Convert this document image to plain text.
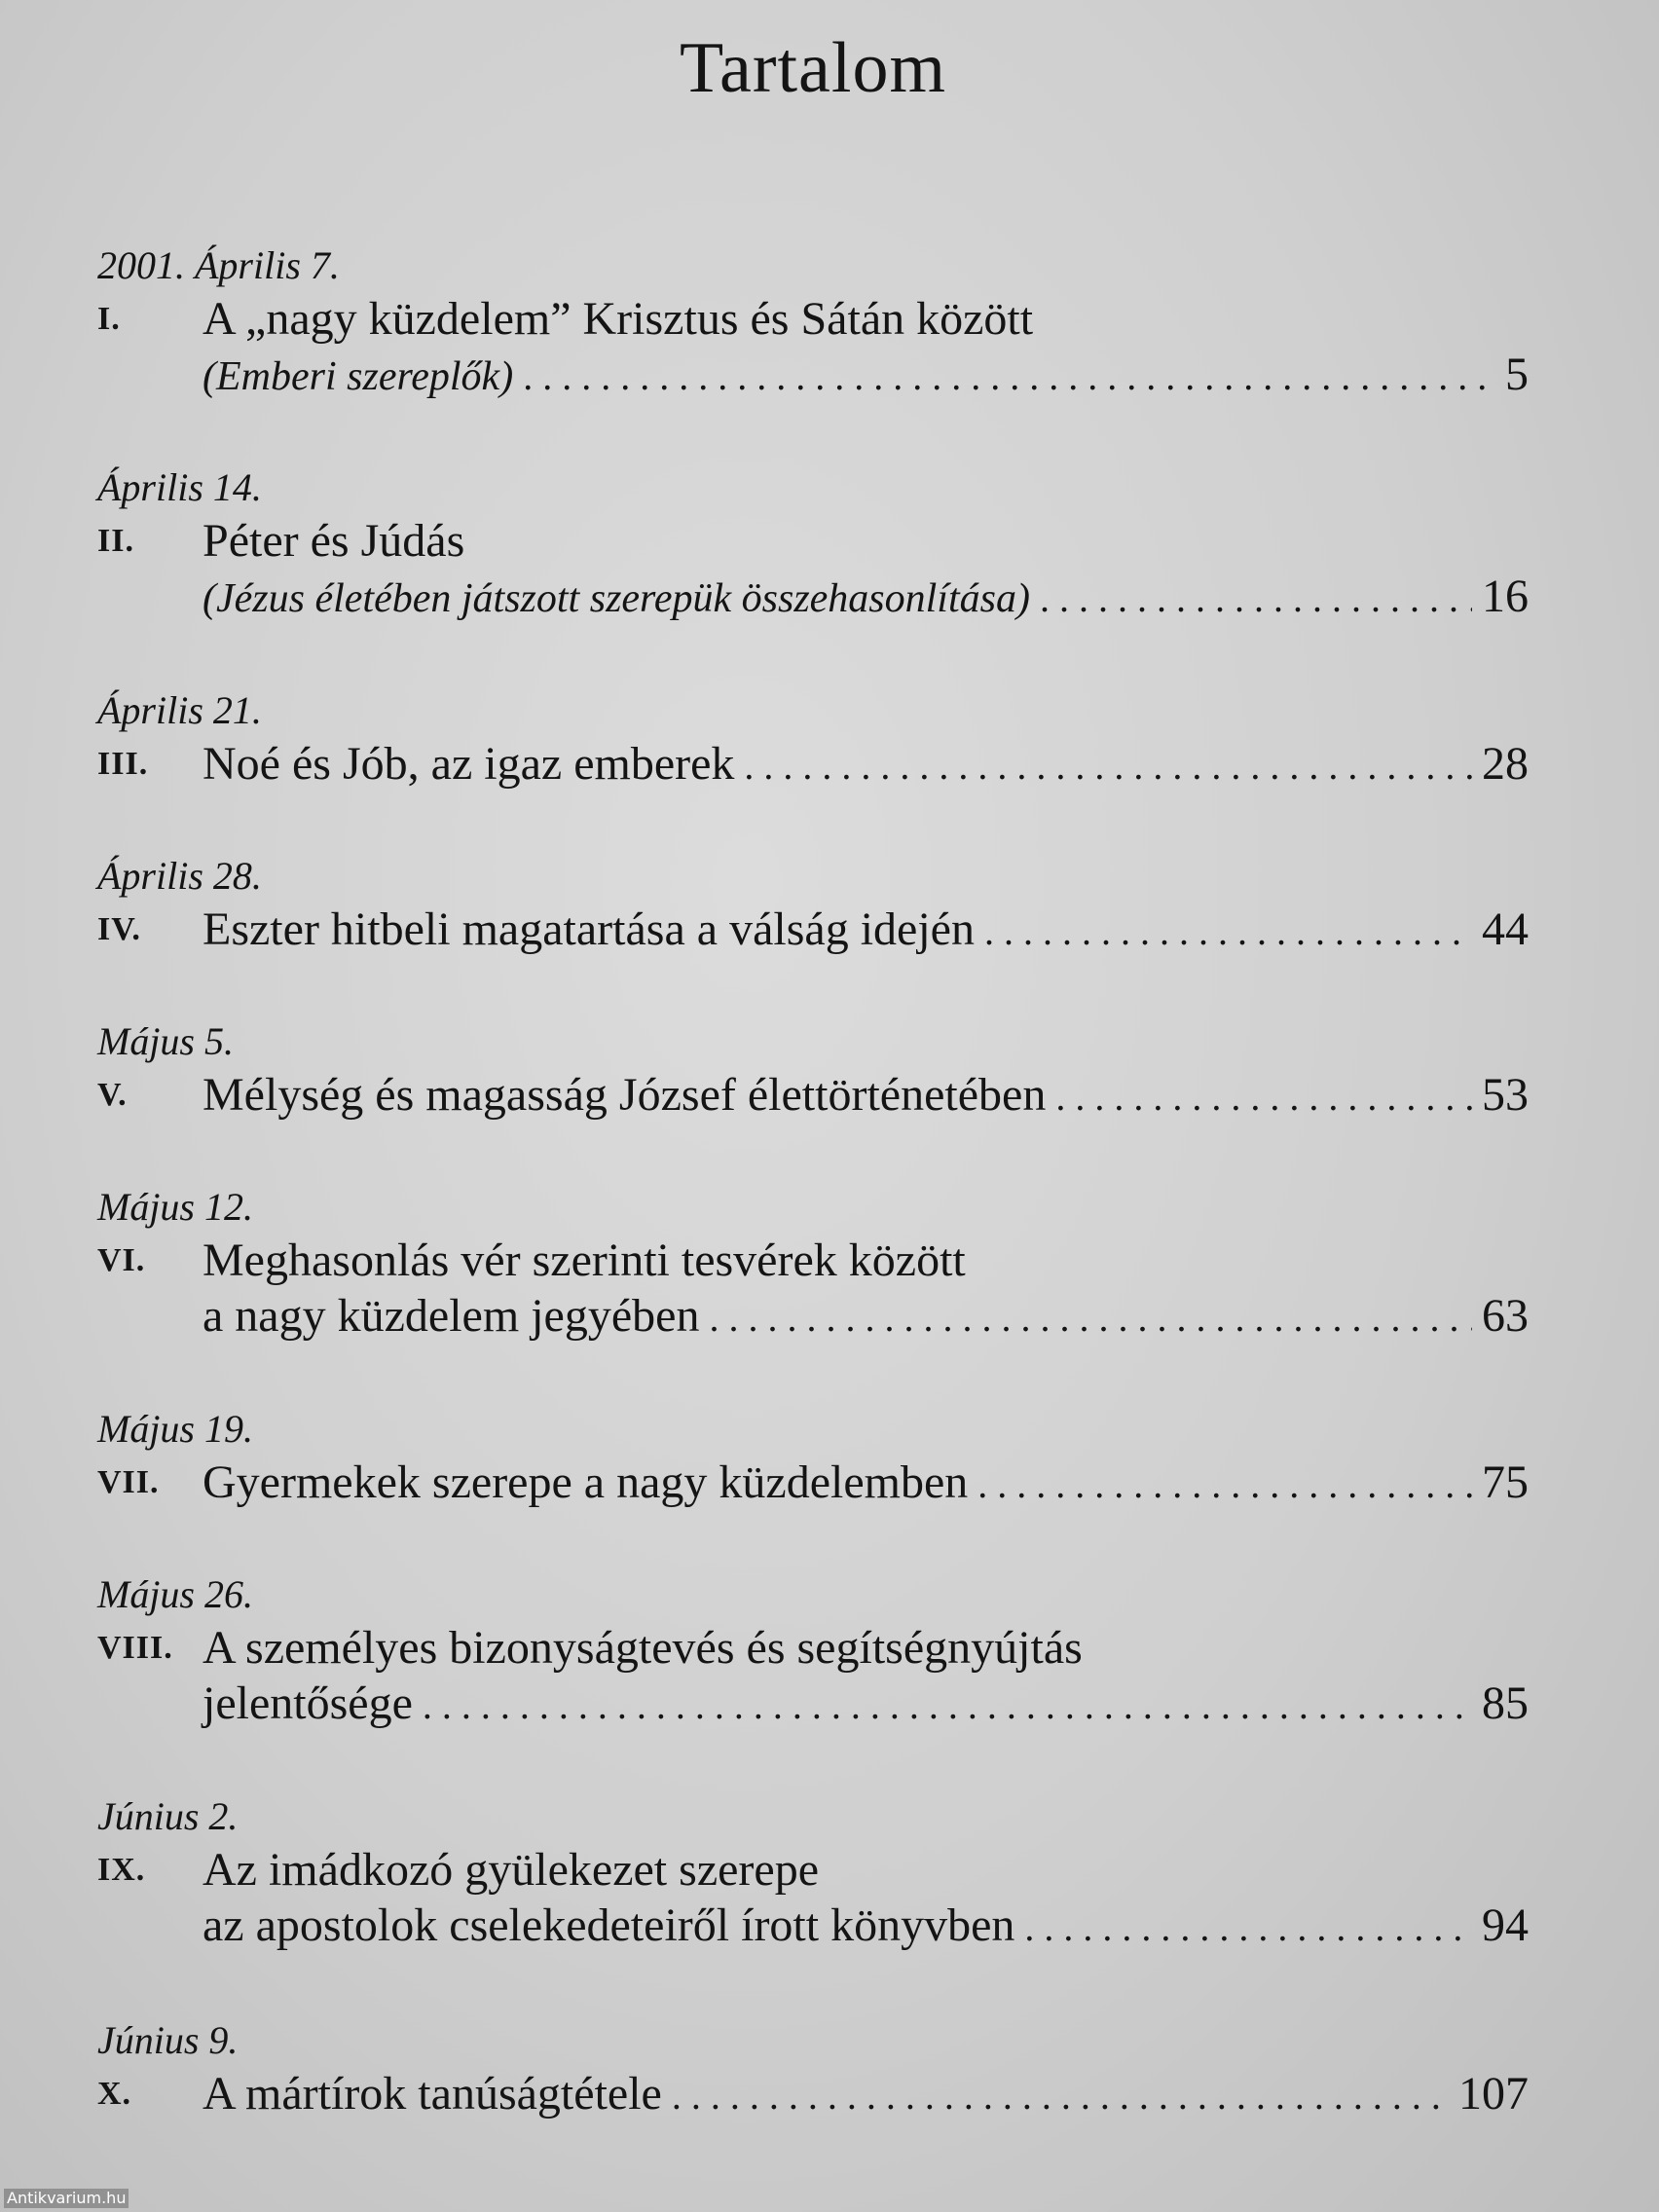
Tartalom
2001. Április 7.
I. A „nagy küzdelem” Krisztus és Sátán között
(Emberi szereplők) . . .	5
Április 14.
II. Péter és Júdás
(Jézus életében játszott szerepük összehasonlítása) . . .	16
Április 21.
III. Noé és Jób, az igaz emberek . . .	28
Április 28.
IV. Eszter hitbeli magatartása a válság idején . . .	44
Május 5.
V. Mélység és magasság József élettörténetében . . .	53
Május 12.
VI. Meghasonlás vér szerinti tesvérek között
a nagy küzdelem jegyében . . .	63
Május 19.
VII. Gyermekek szerepe a nagy küzdelemben . . .	75
Május 26.
VIII. A személyes bizonyságtevés és segítségnyújtás
jelentősége . . .	85
Június 2.
IX. Az imádkozó gyülekezet szerepe
az apostolok cselekedeteiről írott könyvben . . .	94
Június 9.
X. A mártírok tanúságtétele . . .	107
Antikvarium.hu
